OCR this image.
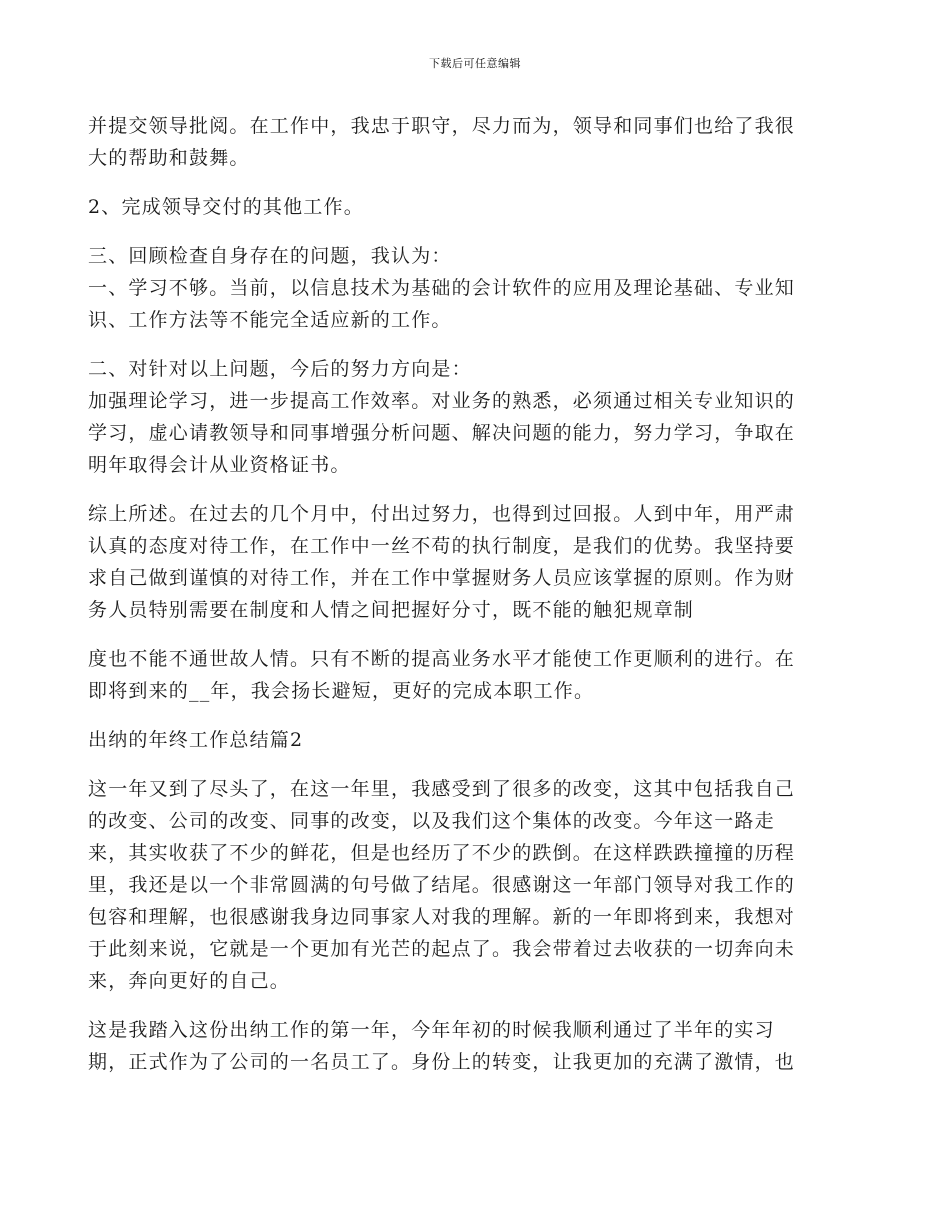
下载后可任意编辑

并提交领导批阅。在工作中，我忠于职守，尽力而为，领导和同事们也给了我很
大的帮助和鼓舞。

2、完成领导交付的其他工作。

三、回顾检查自身存在的问题，我认为：
一、学习不够。当前，以信息技术为基础的会计软件的应用及理论基础、专业知
识、工作方法等不能完全适应新的工作。

二、对针对以上问题，今后的努力方向是：
加强理论学习，进一步提高工作效率。对业务的熟悉，必须通过相关专业知识的
学习，虚心请教领导和同事增强分析问题、解决问题的能力，努力学习，争取在
明年取得会计从业资格证书。

综上所述。在过去的几个月中，付出过努力，也得到过回报。人到中年，用严肃
认真的态度对待工作，在工作中一丝不苟的执行制度，是我们的优势。我坚持要
求自己做到谨慎的对待工作，并在工作中掌握财务人员应该掌握的原则。作为财
务人员特别需要在制度和人情之间把握好分寸，既不能的触犯规章制

度也不能不通世故人情。只有不断的提高业务水平才能使工作更顺利的进行。在
即将到来的__年，我会扬长避短，更好的完成本职工作。

出纳的年终工作总结篇2

这一年又到了尽头了，在这一年里，我感受到了很多的改变，这其中包括我自己
的改变、公司的改变、同事的改变，以及我们这个集体的改变。今年这一路走
来，其实收获了不少的鲜花，但是也经历了不少的跌倒。在这样跌跌撞撞的历程
里，我还是以一个非常圆满的句号做了结尾。很感谢这一年部门领导对我工作的
包容和理解，也很感谢我身边同事家人对我的理解。新的一年即将到来，我想对
于此刻来说，它就是一个更加有光芒的起点了。我会带着过去收获的一切奔向未
来，奔向更好的自己。

这是我踏入这份出纳工作的第一年，今年年初的时候我顺利通过了半年的实习
期，正式作为了公司的一名员工了。身份上的转变，让我更加的充满了激情，也
